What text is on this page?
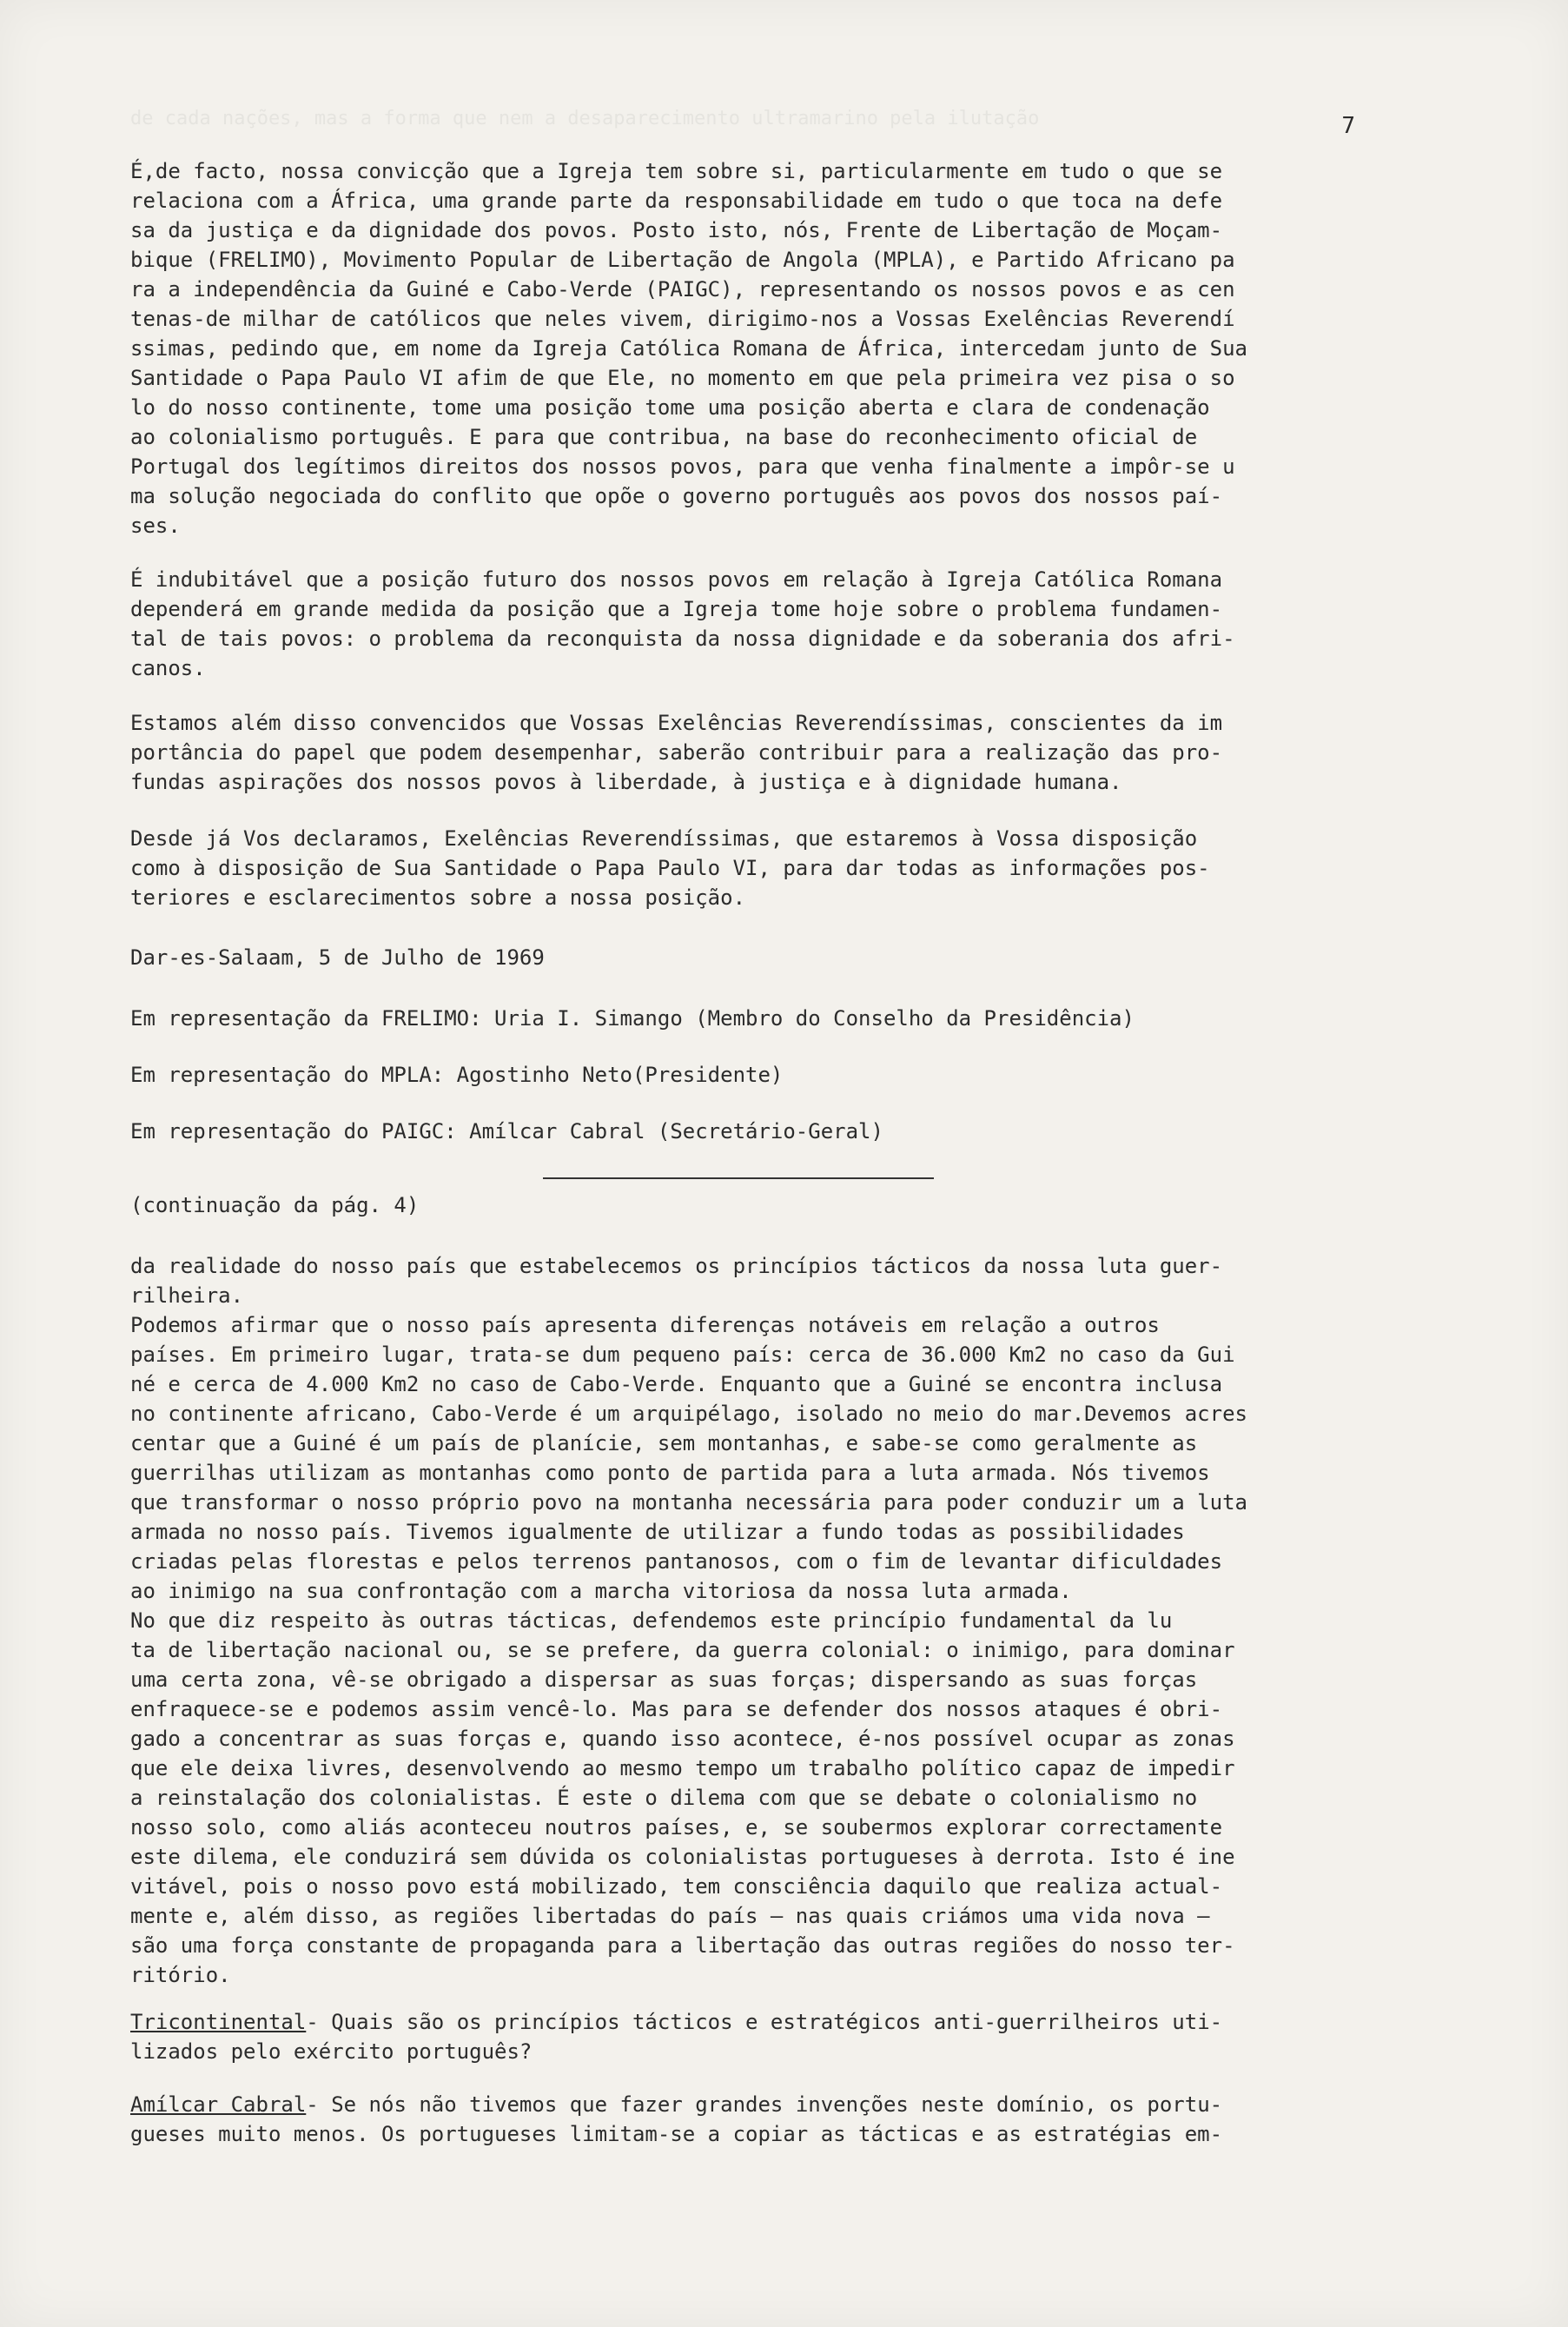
de cada nações, mas a forma que nem a desaparecimento ultramarino pela ilutação	7
É,de facto, nossa convicção que a Igreja tem sobre si, particularmente em tudo o que se
relaciona com a África, uma grande parte da responsabilidade em tudo o que toca na defe
sa da justiça e da dignidade dos povos. Posto isto, nós, Frente de Libertação de Moçam-
bique (FRELIMO), Movimento Popular de Libertação de Angola (MPLA), e Partido Africano pa
ra a independência da Guiné e Cabo-Verde (PAIGC), representando os nossos povos e as cen
tenas-de milhar de católicos que neles vivem, dirigimo-nos a Vossas Exelências Reverendí
ssimas, pedindo que, em nome da Igreja Católica Romana de África, intercedam junto de Sua
Santidade o Papa Paulo VI afim de que Ele, no momento em que pela primeira vez pisa o so
lo do nosso continente, tome uma posição tome uma posição aberta e clara de condenação
ao colonialismo português. E para que contribua, na base do reconhecimento oficial de
Portugal dos legítimos direitos dos nossos povos, para que venha finalmente a impôr-se u
ma solução negociada do conflito que opõe o governo português aos povos dos nossos paí-
ses.
É indubitável que a posição futuro dos nossos povos em relação à Igreja Católica Romana
dependerá em grande medida da posição que a Igreja tome hoje sobre o problema fundamen-
tal de tais povos: o problema da reconquista da nossa dignidade e da soberania dos afri-
canos.
Estamos além disso convencidos que Vossas Exelências Reverendíssimas, conscientes da im
portância do papel que podem desempenhar, saberão contribuir para a realização das pro-
fundas aspirações dos nossos povos à liberdade, à justiça e à dignidade humana.
Desde já Vos declaramos, Exelências Reverendíssimas, que estaremos à Vossa disposição
como à disposição de Sua Santidade o Papa Paulo VI, para dar todas as informações pos-
teriores e esclarecimentos sobre a nossa posição.
Dar-es-Salaam, 5 de Julho de 1969
Em representação da FRELIMO: Uria I. Simango (Membro do Conselho da Presidência)
Em representação do MPLA: Agostinho Neto(Presidente)
Em representação do PAIGC: Amílcar Cabral (Secretário-Geral)
(continuação da pág. 4)
da realidade do nosso país que estabelecemos os princípios tácticos da nossa luta guer-
rilheira.
Podemos afirmar que o nosso país apresenta diferenças notáveis em relação a outros
países. Em primeiro lugar, trata-se dum pequeno país: cerca de 36.000 Km2 no caso da Gui
né e cerca de 4.000 Km2 no caso de Cabo-Verde. Enquanto que a Guiné se encontra inclusa
no continente africano, Cabo-Verde é um arquipélago, isolado no meio do mar.Devemos acres
centar que a Guiné é um país de planície, sem montanhas, e sabe-se como geralmente as
guerrilhas utilizam as montanhas como ponto de partida para a luta armada. Nós tivemos
que transformar o nosso próprio povo na montanha necessária para poder conduzir um a luta
armada no nosso país. Tivemos igualmente de utilizar a fundo todas as possibilidades
criadas pelas florestas e pelos terrenos pantanosos, com o fim de levantar dificuldades
ao inimigo na sua confrontação com a marcha vitoriosa da nossa luta armada.
No que diz respeito às outras tácticas, defendemos este princípio fundamental da lu
ta de libertação nacional ou, se se prefere, da guerra colonial: o inimigo, para dominar
uma certa zona, vê-se obrigado a dispersar as suas forças; dispersando as suas forças
enfraquece-se e podemos assim vencê-lo. Mas para se defender dos nossos ataques é obri-
gado a concentrar as suas forças e, quando isso acontece, é-nos possível ocupar as zonas
que ele deixa livres, desenvolvendo ao mesmo tempo um trabalho político capaz de impedir
a reinstalação dos colonialistas. É este o dilema com que se debate o colonialismo no
nosso solo, como aliás aconteceu noutros países, e, se soubermos explorar correctamente
este dilema, ele conduzirá sem dúvida os colonialistas portugueses à derrota. Isto é ine
vitável, pois o nosso povo está mobilizado, tem consciência daquilo que realiza actual-
mente e, além disso, as regiões libertadas do país — nas quais criámos uma vida nova —
são uma força constante de propaganda para a libertação das outras regiões do nosso ter-
ritório.
Tricontinental- Quais são os princípios tácticos e estratégicos anti-guerrilheiros uti-
lizados pelo exército português?
Amílcar Cabral- Se nós não tivemos que fazer grandes invenções neste domínio, os portu-
gueses muito menos. Os portugueses limitam-se a copiar as tácticas e as estratégias em-
